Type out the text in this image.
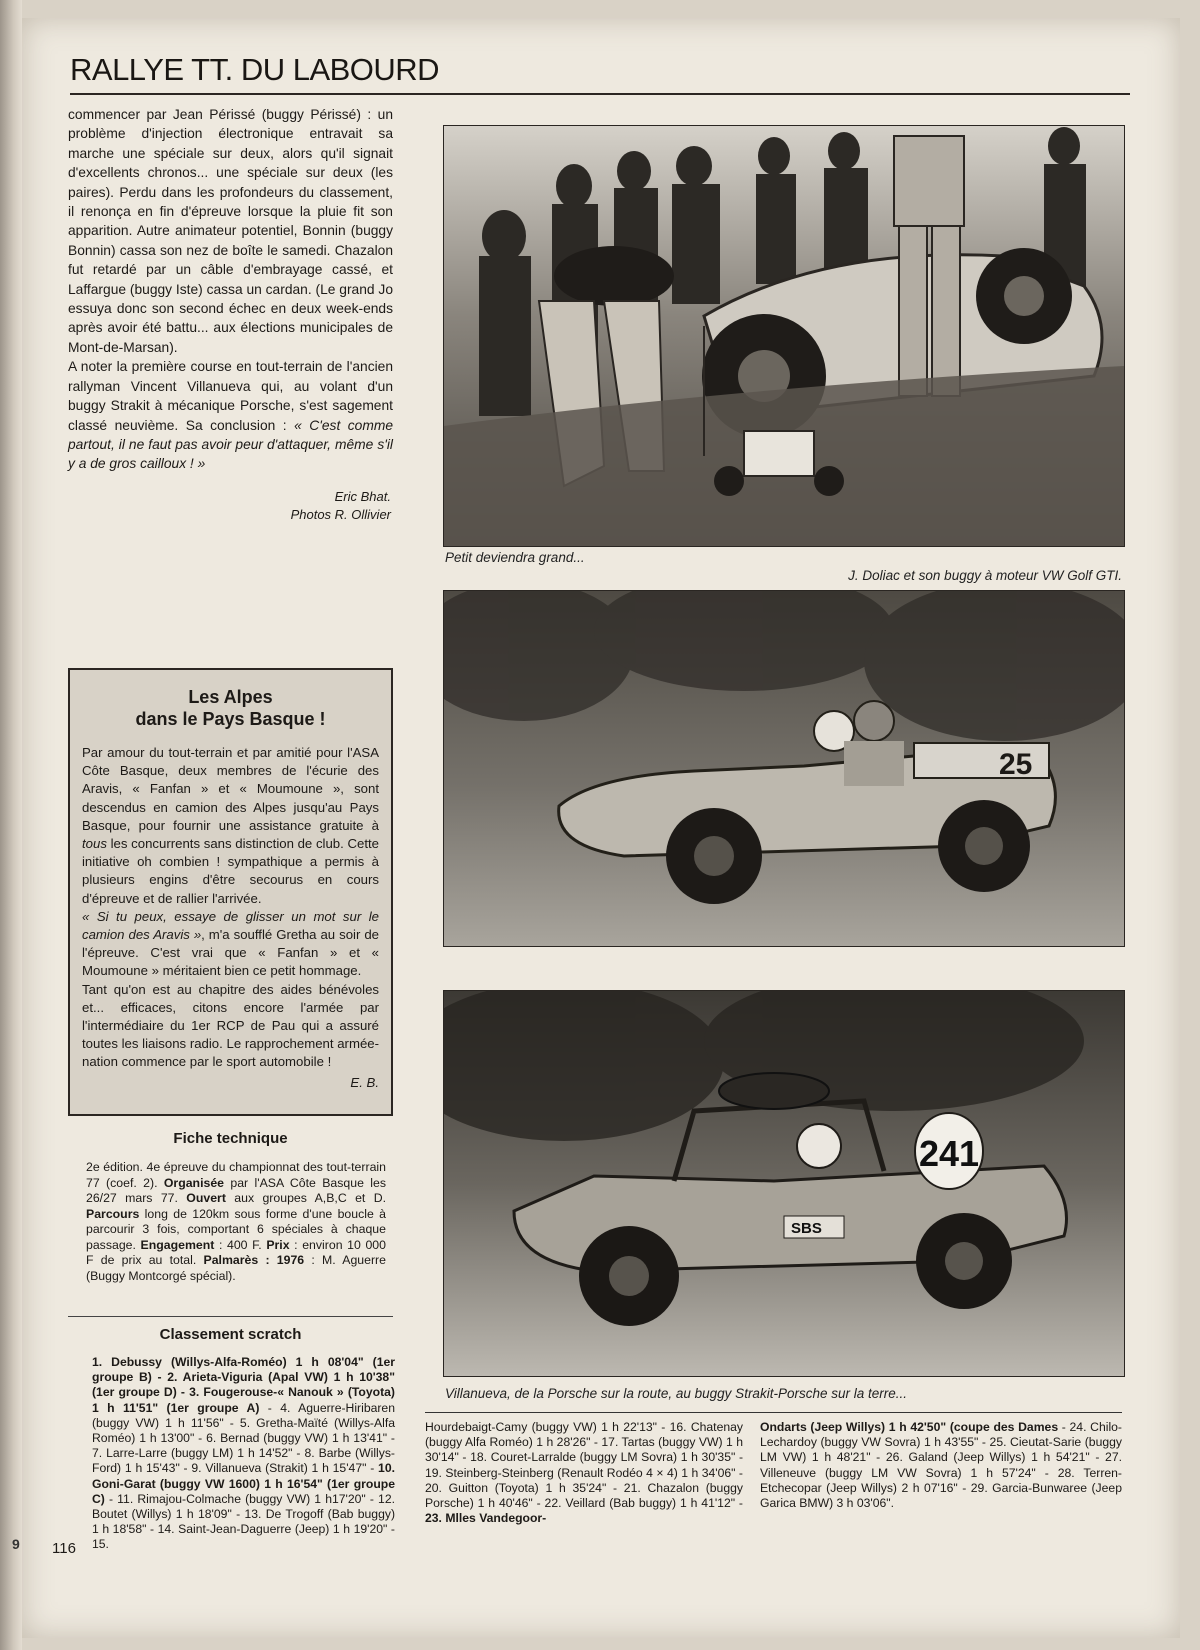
9
RALLYE TT. DU LABOURD

commencer par Jean Périssé (buggy Périssé) : un problème d'injection électronique entravait sa marche une spéciale sur deux, alors qu'il signait d'excellents chronos... une spéciale sur deux (les paires). Perdu dans les profondeurs du classement, il renonça en fin d'épreuve lorsque la pluie fit son apparition. Autre animateur potentiel, Bonnin (buggy Bonnin) cassa son nez de boîte le samedi. Chazalon fut retardé par un câble d'embrayage cassé, et Laffargue (buggy Iste) cassa un cardan. (Le grand Jo essuya donc son second échec en deux week-ends après avoir été battu... aux élections municipales de Mont-de-Marsan).

A noter la première course en tout-terrain de l'ancien rallyman Vincent Villanueva qui, au volant d'un buggy Strakit à mécanique Porsche, s'est sagement classé neuvième. Sa conclusion : « C'est comme partout, il ne faut pas avoir peur d'attaquer, même s'il y a de gros cailloux ! »

Eric Bhat.
Photos R. Ollivier
Les Alpes
dans le Pays Basque !

Par amour du tout-terrain et par amitié pour l'ASA Côte Basque, deux membres de l'écurie des Aravis, « Fanfan » et « Moumoune », sont descendus en camion des Alpes jusqu'au Pays Basque, pour fournir une assistance gratuite à tous les concurrents sans distinction de club. Cette initiative oh combien ! sympathique a permis à plusieurs engins d'être secourus en cours d'épreuve et de rallier l'arrivée.

« Si tu peux, essaye de glisser un mot sur le camion des Aravis », m'a soufflé Gretha au soir de l'épreuve. C'est vrai que « Fanfan » et « Moumoune » méritaient bien ce petit hommage.

Tant qu'on est au chapitre des aides bénévoles et... efficaces, citons encore l'armée par l'intermédiaire du 1er RCP de Pau qui a assuré toutes les liaisons radio. Le rapprochement armée-nation commence par le sport automobile !

E. B.

Fiche technique
2e édition. 4e épreuve du championnat des tout-terrain 77 (coef. 2). Organisée par l'ASA Côte Basque les 26/27 mars 77. Ouvert aux groupes A,B,C et D. Parcours long de 120km sous forme d'une boucle à parcourir 3 fois, comportant 6 spéciales à chaque passage. Engagement : 400 F. Prix : environ 10 000 F de prix au total. Palmarès : 1976 : M. Aguerre (Buggy Montcorgé spécial).
Classement scratch

1. Debussy (Willys-Alfa-Roméo) 1 h 08'04" (1er groupe B) - 2. Arieta-Viguria (Apal VW) 1 h 10'38" (1er groupe D) - 3. Fougerouse-« Nanouk » (Toyota) 1 h 11'51" (1er groupe A) - 4. Aguerre-Hiribaren (buggy VW) 1 h 11'56" - 5. Gretha-Maïté (Willys-Alfa Roméo) 1 h 13'00" - 6. Bernad (buggy VW) 1 h 13'41" - 7. Larre-Larre (buggy LM) 1 h 14'52" - 8. Barbe (Willys-Ford) 1 h 15'43" - 9. Villanueva (Strakit) 1 h 15'47" - 10. Goni-Garat (buggy VW 1600) 1 h 16'54" (1er groupe C) - 11. Rimajou-Colmache (buggy VW) 1 h17'20" - 12. Boutet (Willys) 1 h 18'09" - 13. De Trogoff (Bab buggy) 1 h 18'58" - 14. Saint-Jean-Daguerre (Jeep) 1 h 19'20" - 15.

Hourdebaigt-Camy (buggy VW) 1 h 22'13" - 16. Chatenay (buggy Alfa Roméo) 1 h 28'26" - 17. Tartas (buggy VW) 1 h 30'14" - 18. Couret-Larralde (buggy LM Sovra) 1 h 30'35" - 19. Steinberg-Steinberg (Renault Rodéo 4 × 4) 1 h 34'06" - 20. Guitton (Toyota) 1 h 35'24" - 21. Chazalon (buggy Porsche) 1 h 40'46" - 22. Veillard (Bab buggy) 1 h 41'12" - 23. Mlles Vandegoor-

Ondarts (Jeep Willys) 1 h 42'50" (coupe des Dames - 24. Chilo-Lechardoy (buggy VW Sovra) 1 h 43'55" - 25. Cieutat-Sarie (buggy LM VW) 1 h 48'21" - 26. Galand (Jeep Willys) 1 h 54'21" - 27. Villeneuve (buggy LM VW Sovra) 1 h 57'24" - 28. Terren-Etchecopar (Jeep Willys) 2 h 07'16" - 29. Garcia-Bunwaree (Jeep Garica BMW) 3 h 03'06".

116
Petit deviendra grand...
J. Doliac et son buggy à moteur VW Golf GTI.
25
241
SBS
Villanueva, de la Porsche sur la route, au buggy Strakit-Porsche sur la terre...
